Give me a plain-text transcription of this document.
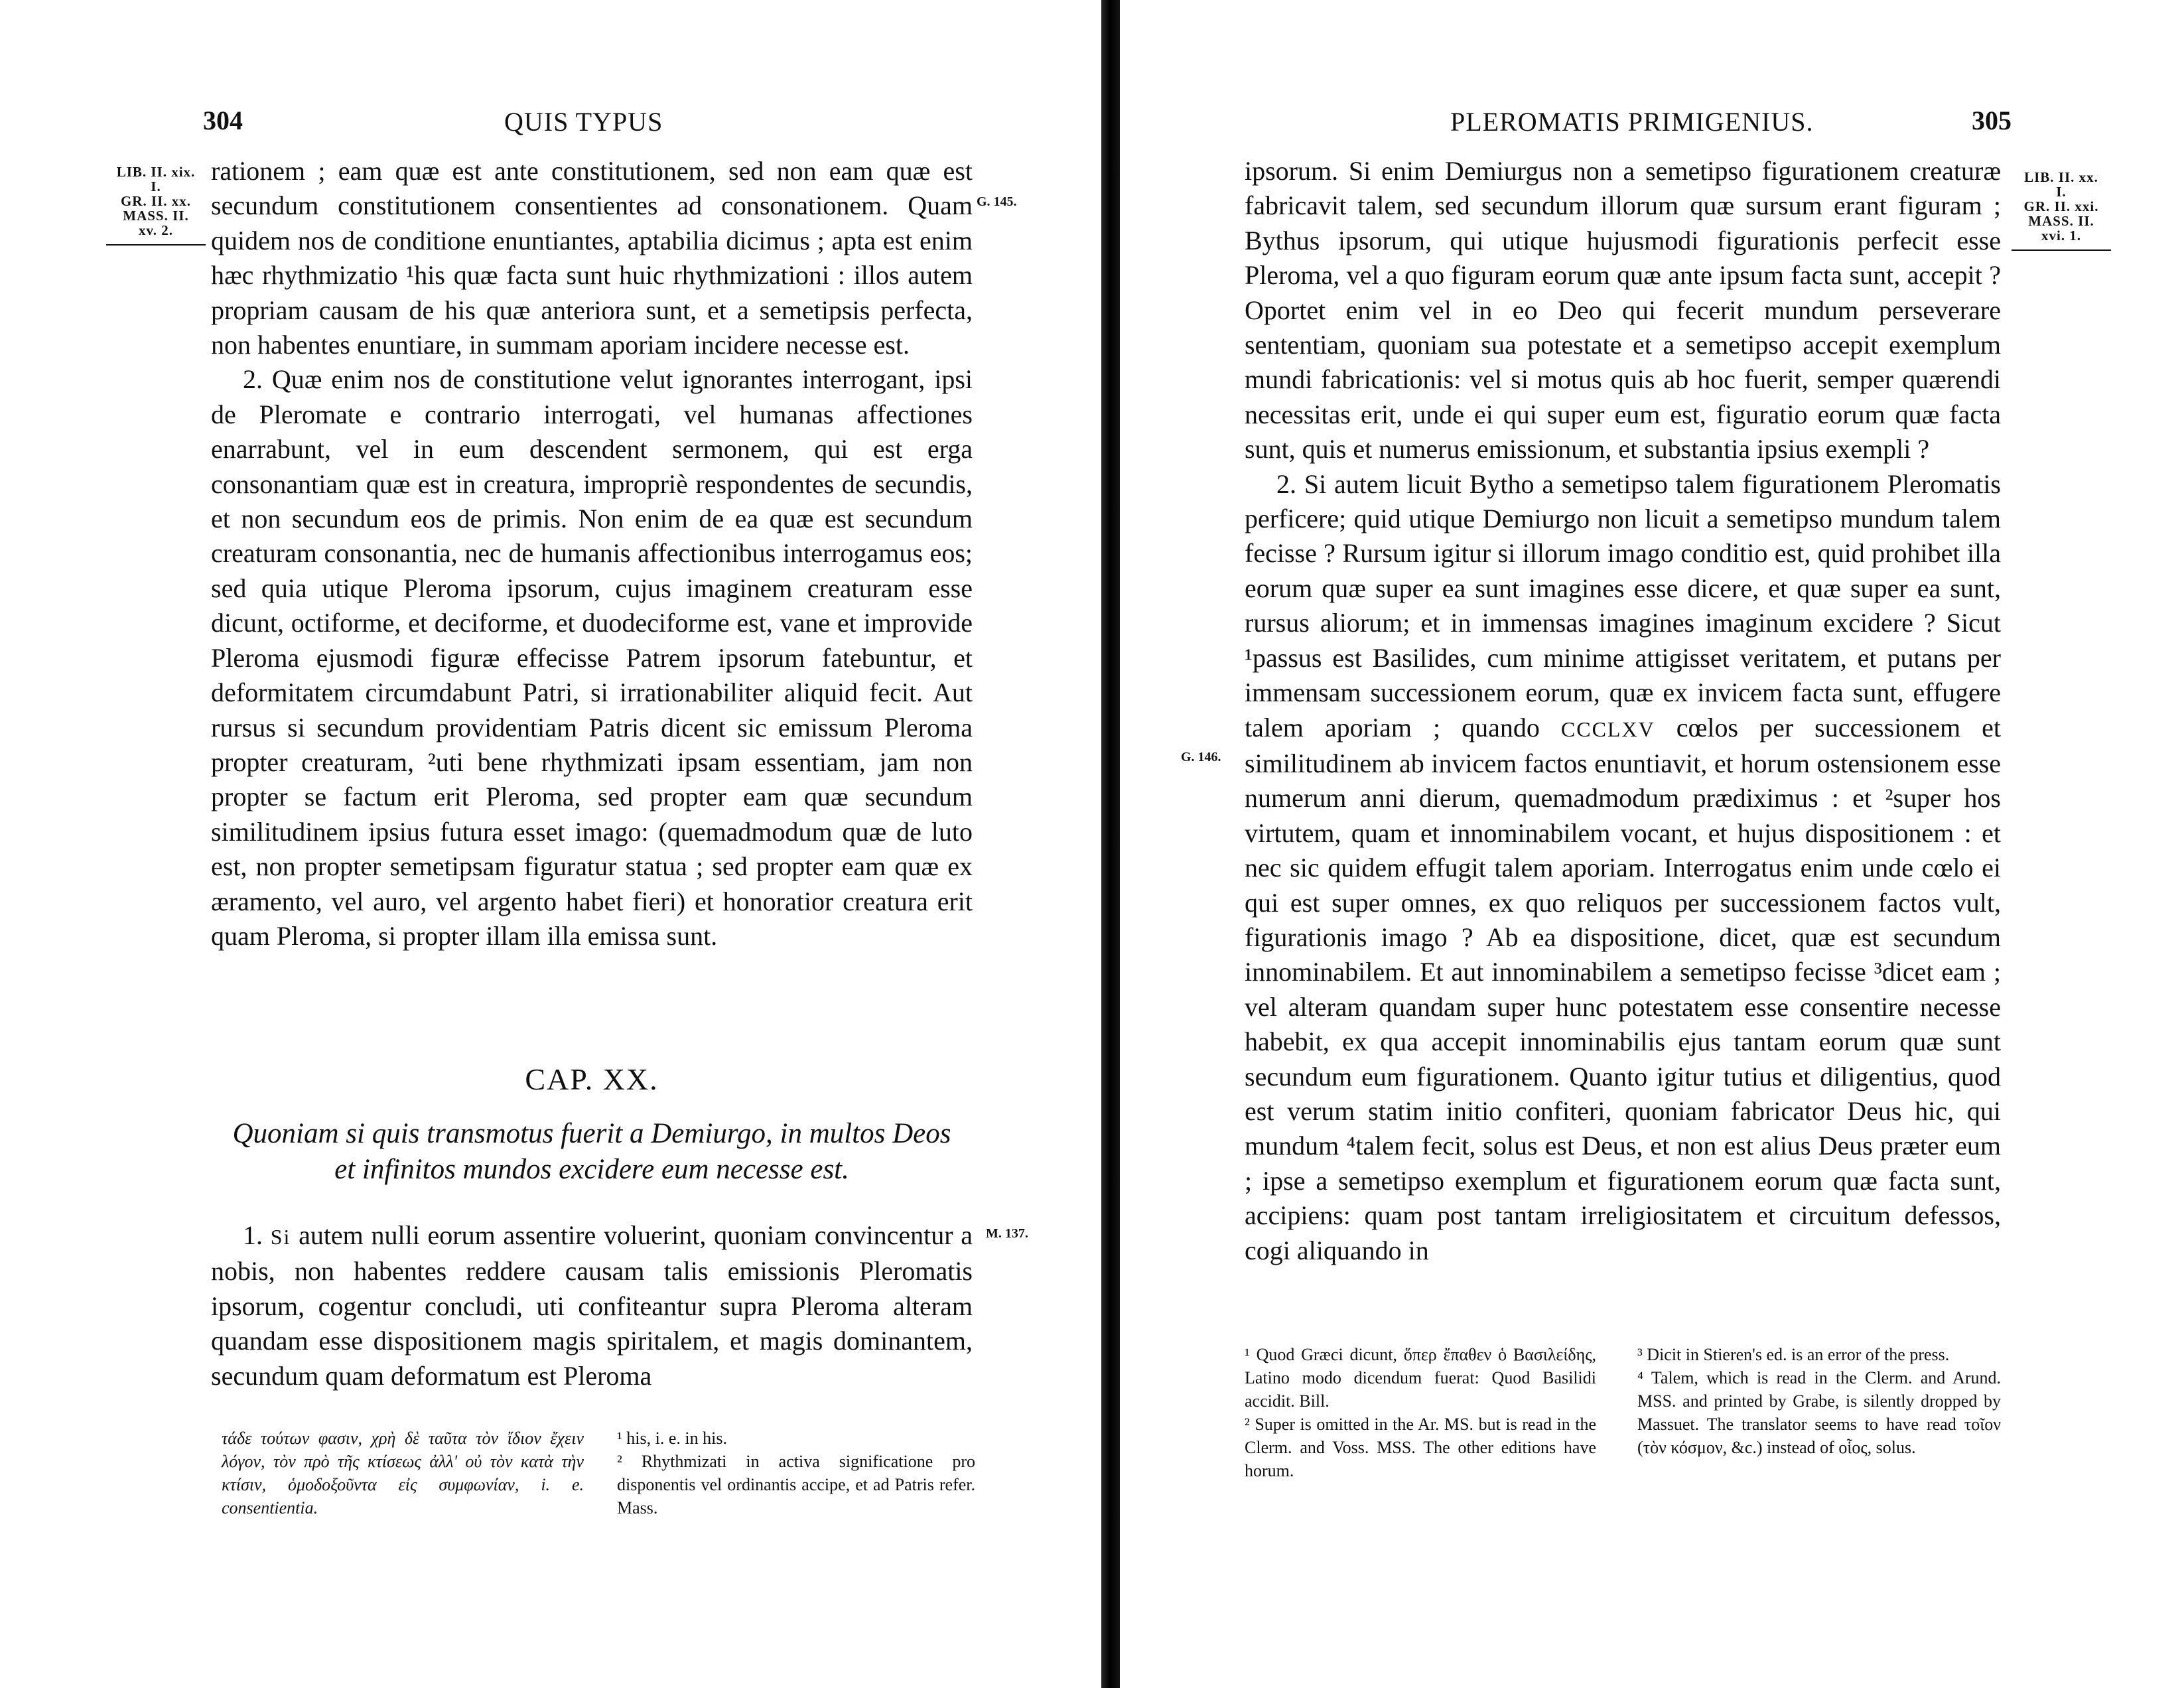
304	QUIS TYPUS
LIB. II. xix.
I.
GR. II. xx.
MASS. II.
xv. 2.
G. 145.
M. 137.

rationem ; eam quæ est ante constitutionem, sed non eam quæ est secundum constitutionem consentientes ad consonationem. Quam quidem nos de conditione enuntiantes, aptabilia dicimus ; apta est enim hæc rhythmizatio ¹his quæ facta sunt huic rhythmizationi : illos autem propriam causam de his quæ anteriora sunt, et a semetipsis perfecta, non habentes enuntiare, in summam aporiam incidere necesse est.

2. Quæ enim nos de constitutione velut ignorantes interrogant, ipsi de Pleromate e contrario interrogati, vel humanas affectiones enarrabunt, vel in eum descendent sermonem, qui est erga consonantiam quæ est in creatura, impropriè respondentes de secundis, et non secundum eos de primis. Non enim de ea quæ est secundum creaturam consonantia, nec de humanis affectionibus interrogamus eos; sed quia utique Pleroma ipsorum, cujus imaginem creaturam esse dicunt, octiforme, et deciforme, et duodeciforme est, vane et improvide Pleroma ejusmodi figuræ effecisse Patrem ipsorum fatebuntur, et deformitatem circumdabunt Patri, si irrationabiliter aliquid fecit. Aut rursus si secundum providentiam Patris dicent sic emissum Pleroma propter creaturam, ²uti bene rhythmizati ipsam essentiam, jam non propter se factum erit Pleroma, sed propter eam quæ secundum similitudinem ipsius futura esset imago: (quemadmodum quæ de luto est, non propter semetipsam figuratur statua ; sed propter eam quæ ex æramento, vel auro, vel argento habet fieri) et honoratior creatura erit quam Pleroma, si propter illam illa emissa sunt.

CAP. XX.
Quoniam si quis transmotus fuerit a Demiurgo, in multos Deos et infinitos mundos excidere eum necesse est.

1. Si autem nulli eorum assentire voluerint, quoniam convincentur a nobis, non habentes reddere causam talis emissionis Pleromatis ipsorum, cogentur concludi, uti confiteantur supra Pleroma alteram quandam esse dispositionem magis spiritalem, et magis dominantem, secundum quam deformatum est Pleroma

τάδε τούτων φασιν, χρὴ δὲ ταῦτα τὸν ἴδιον ἔχειν λόγον, τὸν πρὸ τῆς κτίσεως ἀλλ' οὐ τὸν κατὰ τὴν κτίσιν, ὁμοδοξοῦντα εἰς συμφωνίαν, i. e. consentientia.

¹ his, i. e. in his.

² Rhythmizati in activa significatione pro disponentis vel ordinantis accipe, et ad Patris refer. Mass.

PLEROMATIS PRIMIGENIUS.	305
LIB. II. xx.
I.
GR. II. xxi.
MASS. II.
xvi. 1.
G. 146.

ipsorum. Si enim Demiurgus non a semetipso figurationem creaturæ fabricavit talem, sed secundum illorum quæ sursum erant figuram ; Bythus ipsorum, qui utique hujusmodi figurationis perfecit esse Pleroma, vel a quo figuram eorum quæ ante ipsum facta sunt, accepit ? Oportet enim vel in eo Deo qui fecerit mundum perseverare sententiam, quoniam sua potestate et a semetipso accepit exemplum mundi fabricationis: vel si motus quis ab hoc fuerit, semper quærendi necessitas erit, unde ei qui super eum est, figuratio eorum quæ facta sunt, quis et numerus emissionum, et substantia ipsius exempli ?

2. Si autem licuit Bytho a semetipso talem figurationem Pleromatis perficere; quid utique Demiurgo non licuit a semetipso mundum talem fecisse ? Rursum igitur si illorum imago conditio est, quid prohibet illa eorum quæ super ea sunt imagines esse dicere, et quæ super ea sunt, rursus aliorum; et in immensas imagines imaginum excidere ? Sicut ¹passus est Basilides, cum minime attigisset veritatem, et putans per immensam successionem eorum, quæ ex invicem facta sunt, effugere talem aporiam ; quando CCCLXV cœlos per successionem et similitudinem ab invicem factos enuntiavit, et horum ostensionem esse numerum anni dierum, quemadmodum prædiximus : et ²super hos virtutem, quam et innominabilem vocant, et hujus dispositionem : et nec sic quidem effugit talem aporiam. Interrogatus enim unde cœlo ei qui est super omnes, ex quo reliquos per successionem factos vult, figurationis imago ? Ab ea dispositione, dicet, quæ est secundum innominabilem. Et aut innominabilem a semetipso fecisse ³dicet eam ; vel alteram quandam super hunc potestatem esse consentire necesse habebit, ex qua accepit innominabilis ejus tantam eorum quæ sunt secundum eum figurationem. Quanto igitur tutius et diligentius, quod est verum statim initio confiteri, quoniam fabricator Deus hic, qui mundum ⁴talem fecit, solus est Deus, et non est alius Deus præter eum ; ipse a semetipso exemplum et figurationem eorum quæ facta sunt, accipiens: quam post tantam irreligiositatem et circuitum defessos, cogi aliquando in

¹ Quod Græci dicunt, ὅπερ ἔπαθεν ὁ Βασιλείδης, Latino modo dicendum fuerat: Quod Basilidi accidit. Bill.

² Super is omitted in the Ar. MS. but is read in the Clerm. and Voss. MSS. The other editions have horum.

³ Dicit in Stieren's ed. is an error of the press.

⁴ Talem, which is read in the Clerm. and Arund. MSS. and printed by Grabe, is silently dropped by Massuet. The translator seems to have read τοῖον (τὸν κόσμον, &c.) instead of οἷος, solus.
